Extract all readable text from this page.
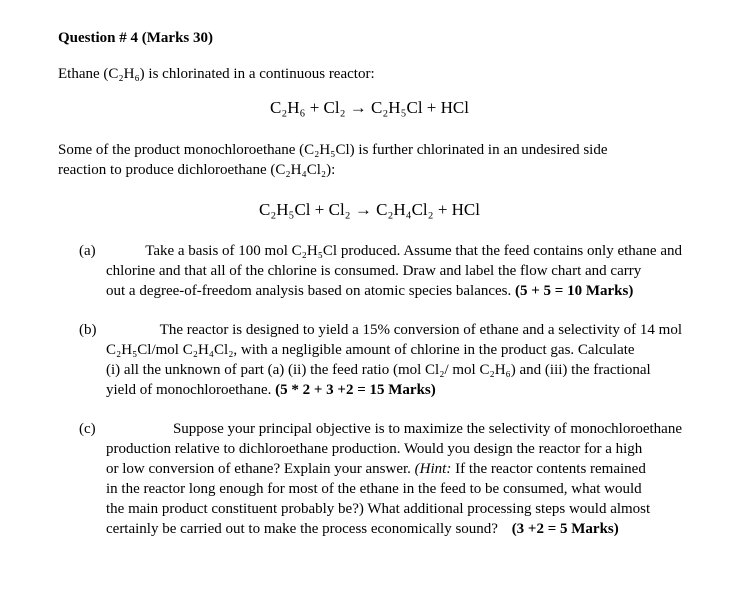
Question # 4 (Marks 30)
Ethane (C₂H₆) is chlorinated in a continuous reactor:
C₂H₆ + Cl₂ → C₂H₅Cl + HCl
Some of the product monochloroethane (C₂H₅Cl) is further chlorinated in an undesired side
reaction to produce dichloroethane (C₂H₄Cl₂):
C₂H₅Cl + Cl₂ → C₂H₄Cl₂ + HCl
(a)	Take a basis of 100 mol C₂H₅Cl produced. Assume that the feed contains only ethane and
chlorine and that all of the chlorine is consumed. Draw and label the flow chart and carry
out a degree-of-freedom analysis based on atomic species balances. (5 + 5 = 10 Marks)
(b)	The reactor is designed to yield a 15% conversion of ethane and a selectivity of 14 mol
C₂H₅Cl/mol C₂H₄Cl₂, with a negligible amount of chlorine in the product gas. Calculate
(i) all the unknown of part (a) (ii) the feed ratio (mol Cl₂/ mol C₂H₆) and (iii) the fractional
yield of monochloroethane. (5 * 2 + 3 +2 = 15 Marks)
(c)	Suppose your principal objective is to maximize the selectivity of monochloroethane
production relative to dichloroethane production. Would you design the reactor for a high
or low conversion of ethane? Explain your answer. (Hint: If the reactor contents remained
in the reactor long enough for most of the ethane in the feed to be consumed, what would
the main product constituent probably be?) What additional processing steps would almost
certainly be carried out to make the process economically sound? (3 +2 = 5 Marks)
